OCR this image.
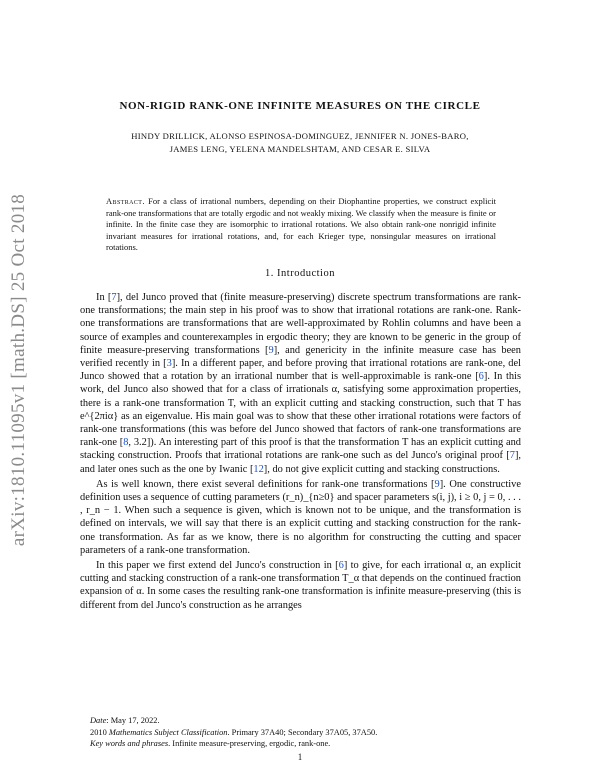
arXiv:1810.11095v1 [math.DS] 25 Oct 2018
NON-RIGID RANK-ONE INFINITE MEASURES ON THE CIRCLE
HINDY DRILLICK, ALONSO ESPINOSA-DOMINGUEZ, JENNIFER N. JONES-BARO,
JAMES LENG, YELENA MANDELSHTAM, AND CESAR E. SILVA
Abstract. For a class of irrational numbers, depending on their Diophantine properties, we construct explicit rank-one transformations that are totally ergodic and not weakly mixing. We classify when the measure is finite or infinite. In the finite case they are isomorphic to irrational rotations. We also obtain rank-one nonrigid infinite invariant measures for irrational rotations, and, for each Krieger type, nonsingular measures on irrational rotations.
1. Introduction

In [7], del Junco proved that (finite measure-preserving) discrete spectrum transformations are rank-one transformations; the main step in his proof was to show that irrational rotations are rank-one. Rank-one transformations are transformations that are well-approximated by Rohlin columns and have been a source of examples and counterexamples in ergodic theory; they are known to be generic in the group of finite measure-preserving transformations [9], and genericity in the infinite measure case has been verified recently in [3]. In a different paper, and before proving that irrational rotations are rank-one, del Junco showed that a rotation by an irrational number that is well-approximable is rank-one [6]. In this work, del Junco also showed that for a class of irrationals α, satisfying some approximation properties, there is a rank-one transformation T, with an explicit cutting and stacking construction, such that T has e^{2πiα} as an eigenvalue. His main goal was to show that these other irrational rotations were factors of rank-one transformations (this was before del Junco showed that factors of rank-one transformations are rank-one [8, 3.2]). An interesting part of this proof is that the transformation T has an explicit cutting and stacking construction. Proofs that irrational rotations are rank-one such as del Junco's original proof [7], and later ones such as the one by Iwanic [12], do not give explicit cutting and stacking constructions.

As is well known, there exist several definitions for rank-one transformations [9]. One constructive definition uses a sequence of cutting parameters (r_n)_{n≥0} and spacer parameters s(i, j), i ≥ 0, j = 0, . . . , r_n − 1. When such a sequence is given, which is known not to be unique, and the transformation is defined on intervals, we will say that there is an explicit cutting and stacking construction for the rank-one transformation. As far as we know, there is no algorithm for constructing the cutting and spacer parameters of a rank-one transformation.

In this paper we first extend del Junco's construction in [6] to give, for each irrational α, an explicit cutting and stacking construction of a rank-one transformation T_α that depends on the continued fraction expansion of α. In some cases the resulting rank-one transformation is infinite measure-preserving (this is different from del Junco's construction as he arranges

Date: May 17, 2022.
2010 Mathematics Subject Classification. Primary 37A40; Secondary 37A05, 37A50.
Key words and phrases. Infinite measure-preserving, ergodic, rank-one.
1
